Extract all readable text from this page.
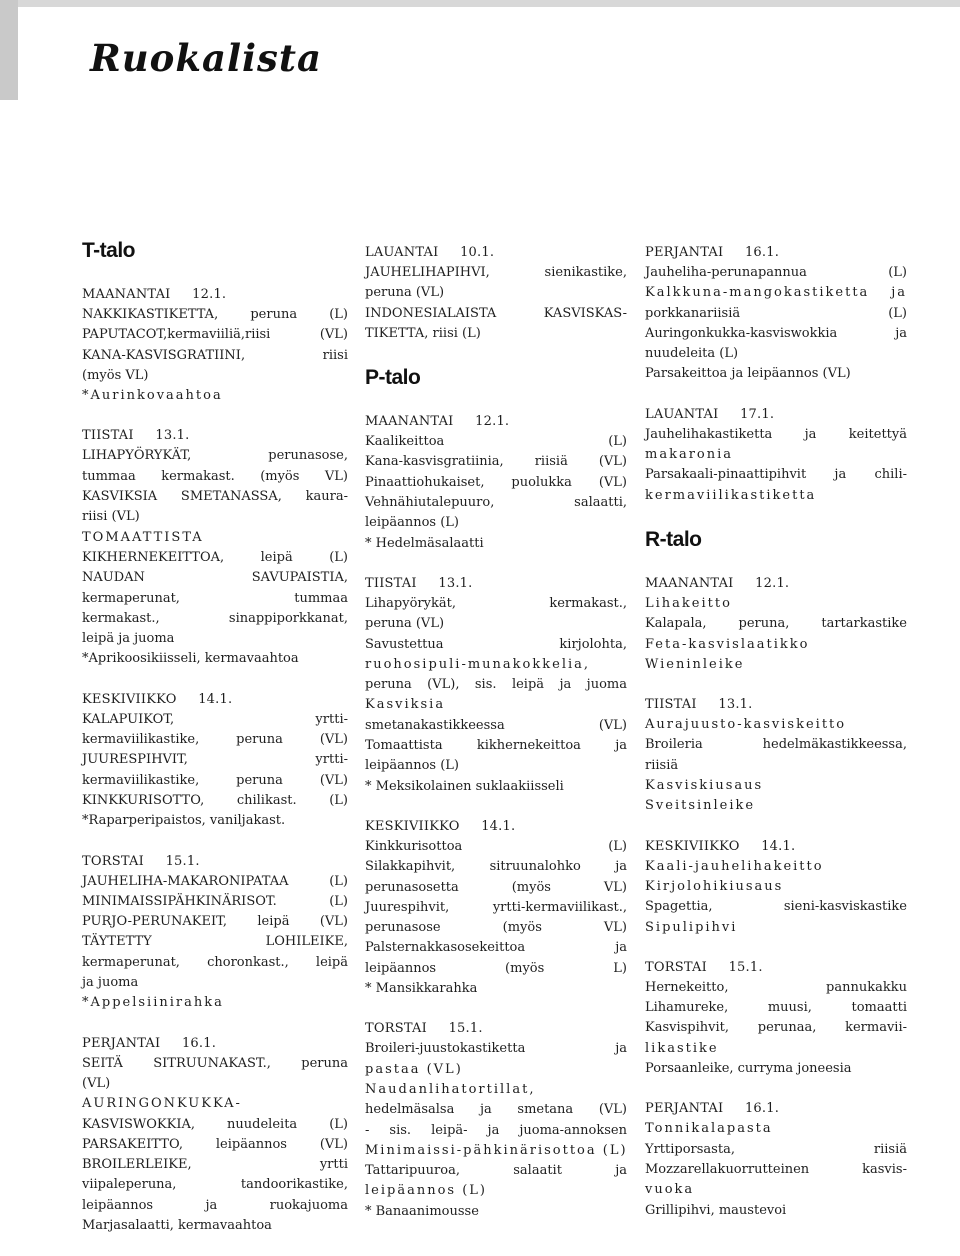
Ruokalista
T-talo
MAANANTAI     12.1.
NAKKIKASTIKETTA, peruna (L)
PAPUTACOT,kermaviiliä,riisi (VL)
KANA-KASVISGRATIINI, riisi
(myös VL)
*Aurinkovaahtoa
TIISTAI     13.1.
LIHAPYÖRYKÄT, perunasose,
tummaa kermakast. (myös VL)
KASVIKSIA SMETANASSA, kaura-
riisi (VL)
TOMAATTISTA
KIKHERNEKEITTOA, leipä (L)
NAUDAN SAVUPAISTIA,
kermaperunat, tummaa
kermakast., sinappiporkkanat,
leipä ja juoma
*Aprikoosikiisseli, kermavaahtoa
KESKIVIIKKO     14.1.
KALAPUIKOT, yrtti-
kermaviilikastike, peruna (VL)
JUURESPIHVIT, yrtti-
kermaviilikastike, peruna (VL)
KINKKURISOTTO, chilikast. (L)
*Raparperipaistos, vaniljakast.
TORSTAI     15.1.
JAUHELIHA-MAKARONIPATAA (L)
MINIMAISSIPÄHKINÄRISOT. (L)
PURJO-PERUNAKEIT, leipä (VL)
TÄYTETTY LOHILEIKE,
kermaperunat, choronkast., leipä
ja juoma
*Appelsiinirahka
PERJANTAI     16.1.
SEITÄ SITRUUNAKAST., peruna
(VL)
AURINGONKUKKA-
KASVISWOKKIA, nuudeleita (L)
PARSAKEITTO, leipäannos (VL)
BROILERLEIKE, yrtti
viipaleperuna, tandoorikastike,
leipäannos ja ruokajuoma
Marjasalaatti, kermavaahtoa
LAUANTAI     10.1.
JAUHELIHAPIHVI, sienikastike,
peruna (VL)
INDONESIALAISTA KASVISKAS-
TIKETTA, riisi (L)
P-talo
MAANANTAI     12.1.
Kaalikeittoa (L)
Kana-kasvisgratiinia, riisiä (VL)
Pinaattiohukaiset, puolukka (VL)
Vehnähiutalepuuro, salaatti,
leipäannos (L)
* Hedelmäsalaatti
TIISTAI     13.1.
Lihapyörykät, kermakast.,
peruna (VL)
Savustettua kirjolohta,
ruohosipuli-munakokkelia,
peruna (VL), sis. leipä ja juoma
Kasviksia
smetanakastikkeessa (VL)
Tomaattista kikhernekeittoa ja
leipäannos (L)
* Meksikolainen suklaakiisseli
KESKIVIIKKO     14.1.
Kinkkurisottoa (L)
Silakkapihvit, sitruunalohko ja
perunasosetta (myös VL)
Juurespihvit, yrtti-kermaviilikast.,
perunasose (myös VL)
Palsternakkasosekeittoa ja
leipäannos (myös L)
* Mansikkarahka
TORSTAI     15.1.
Broileri-juustokastiketta ja
pastaa (VL)
Naudanlihatortillat,
hedelmäsalsa ja smetana (VL)
- sis. leipä- ja juoma-annoksen
Minimaissi-pähkinärisottoa (L)
Tattaripuuroa, salaatit ja
leipäannos (L)
* Banaanimousse
PERJANTAI     16.1.
Jauheliha-perunapannua (L)
Kalkkuna-mangokastiketta ja
porkkanariisiä (L)
Auringonkukka-kasviswokkia ja
nuudeleita (L)
Parsakeittoa ja leipäannos (VL)
LAUANTAI     17.1.
Jauhelihakastiketta ja keitettyä
makaronia
Parsakaali-pinaattipihvit ja chili-
kermaviilikastiketta
R-talo
MAANANTAI     12.1.
Lihakeitto
Kalapala, peruna, tartarkastike
Feta-kasvislaatikko
Wieninleike
TIISTAI     13.1.
Aurajuusto-kasviskeitto
Broileria hedelmäkastikkeessa,
riisiä
Kasviskiusaus
Sveitsinleike
KESKIVIIKKO     14.1.
Kaali-jauhelihakeitto
Kirjolohikiusaus
Spagettia, sieni-kasviskastike
Sipulipihvi
TORSTAI     15.1.
Hernekeitto, pannukakku
Lihamureke, muusi, tomaatti
Kasvispihvit, perunaa, kermavii-
likastike
Porsaanleike, curryma joneesia
PERJANTAI     16.1.
Tonnikalapasta
Yrttiporsasta, riisiä
Mozzarellakuorrutteinen kasvis-
vuoka
Grillipihvi, maustevoi
